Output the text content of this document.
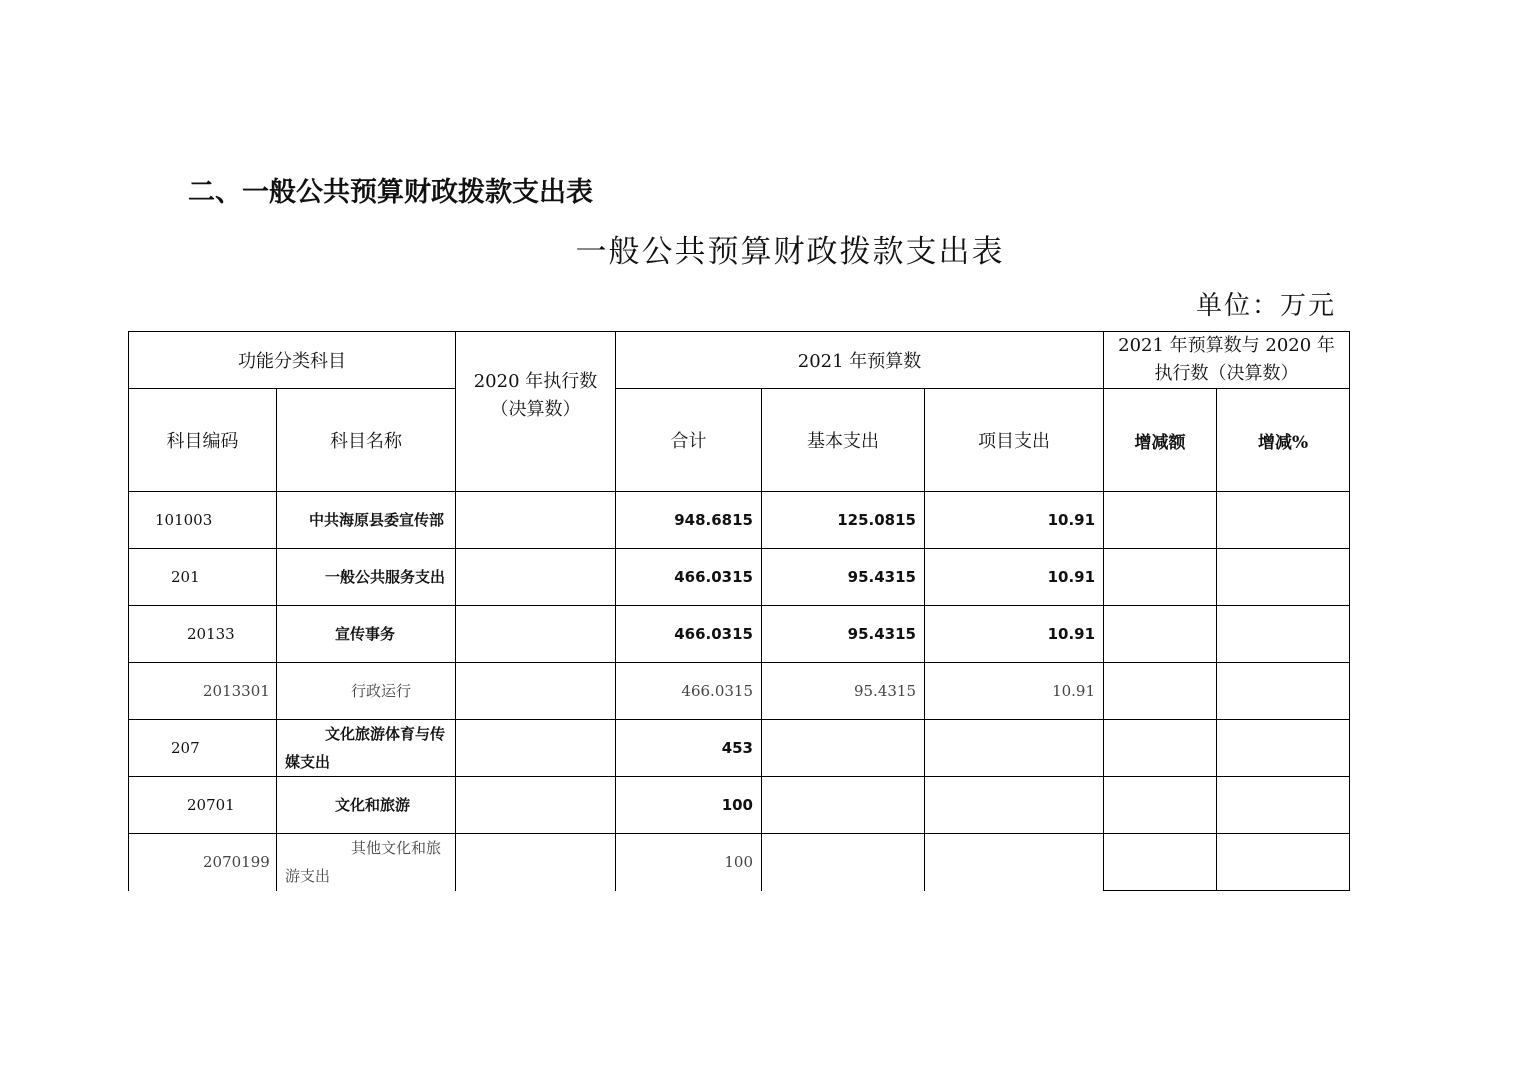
二、一般公共预算财政拨款支出表
一般公共预算财政拨款支出表
单位：万元
功能分类科目		2020 年执行数（决算数）	2021 年预算数			2021 年预算数与 2020 年执行数（决算数）	
科目编码	科目名称		合计	基本支出	项目支出	增减额	增减%
101003	中共海原县委宣传部		948.6815	125.0815	10.91		
201	一般公共服务支出		466.0315	95.4315	10.91		
20133	宣传事务		466.0315	95.4315	10.91		
2013301	行政运行		466.0315	95.4315	10.91		
207	文化旅游体育与传媒支出		453				
20701	文化和旅游		100				
2070199	其他文化和旅游支出		100				
